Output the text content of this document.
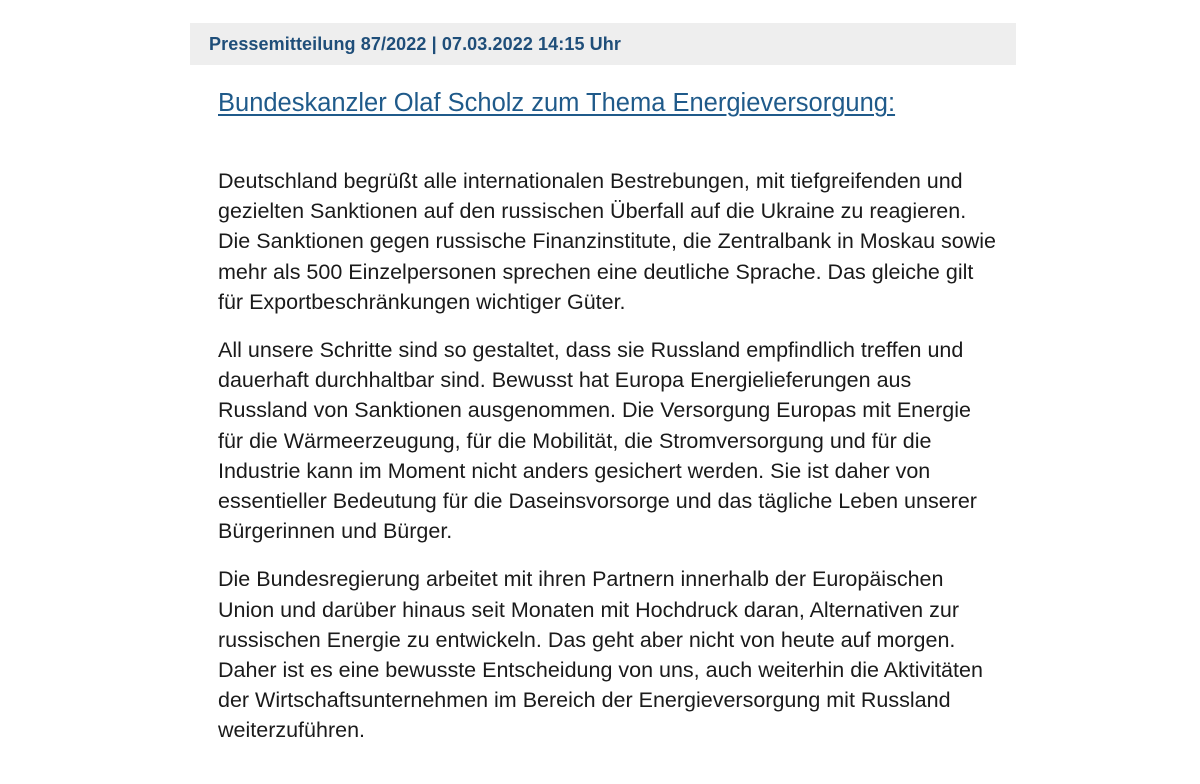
Pressemitteilung 87/2022 | 07.03.2022 14:15 Uhr
Bundeskanzler Olaf Scholz zum Thema Energieversorgung:

Deutschland begrüßt alle internationalen Bestrebungen, mit tiefgreifenden und gezielten Sanktionen auf den russischen Überfall auf die Ukraine zu reagieren. Die Sanktionen gegen russische Finanzinstitute, die Zentralbank in Moskau sowie mehr als 500 Einzelpersonen sprechen eine deutliche Sprache. Das gleiche gilt für Exportbeschränkungen wichtiger Güter.

All unsere Schritte sind so gestaltet, dass sie Russland empfindlich treffen und dauerhaft durchhaltbar sind. Bewusst hat Europa Energielieferungen aus Russland von Sanktionen ausgenommen. Die Versorgung Europas mit Energie für die Wärmeerzeugung, für die Mobilität, die Stromversorgung und für die Industrie kann im Moment nicht anders gesichert werden. Sie ist daher von essentieller Bedeutung für die Daseinsvorsorge und das tägliche Leben unserer Bürgerinnen und Bürger.

Die Bundesregierung arbeitet mit ihren Partnern innerhalb der Europäischen Union und darüber hinaus seit Monaten mit Hochdruck daran, Alternativen zur russischen Energie zu entwickeln. Das geht aber nicht von heute auf morgen. Daher ist es eine bewusste Entscheidung von uns, auch weiterhin die Aktivitäten der Wirtschaftsunternehmen im Bereich der Energieversorgung mit Russland weiterzuführen.
